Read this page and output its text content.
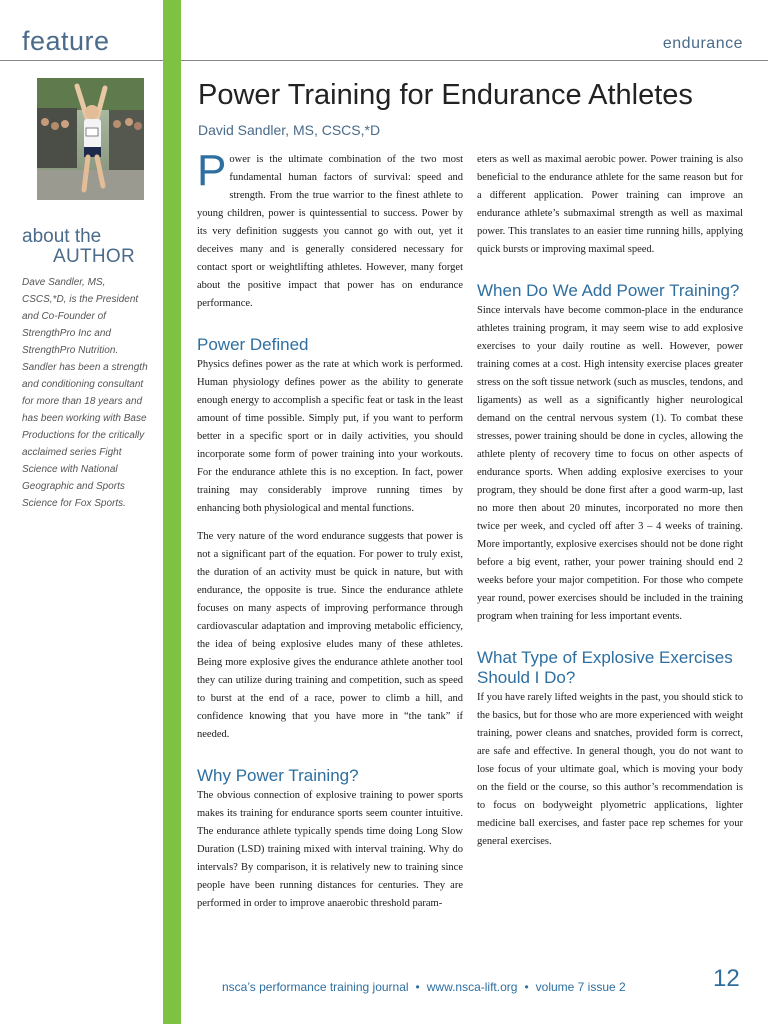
feature	endurance
about the
AUTHOR

Dave Sandler, MS, CSCS,*D, is the President and Co-Founder of StrengthPro Inc and StrengthPro Nutrition. Sandler has been a strength and conditioning consultant for more than 18 years and has been working with Base Productions for the critically acclaimed series Fight Science with National Geographic and Sports Science for Fox Sports.

Power Training for Endurance Athletes
David Sandler, MS, CSCS,*D

Power is the ultimate combination of the two most fundamental human factors of survival: speed and strength. From the true warrior to the finest athlete to young children, power is quintessential to success. Power by its very definition suggests you cannot go with out, yet it deceives many and is generally considered necessary for contact sport or weightlifting athletes. However, many forget about the positive impact that power has on endurance performance.

Power Defined

Physics defines power as the rate at which work is performed. Human physiology defines power as the ability to generate enough energy to accomplish a specific feat or task in the least amount of time possible. Simply put, if you want to perform better in a specific sport or in daily activities, you should incorporate some form of power training into your workouts. For the endurance athlete this is no exception. In fact, power training may considerably improve running times by enhancing both physiological and mental functions.

The very nature of the word endurance suggests that power is not a significant part of the equation. For power to truly exist, the duration of an activity must be quick in nature, but with endurance, the opposite is true. Since the endurance athlete focuses on many aspects of improving performance through cardiovascular adaptation and improving metabolic efficiency, the idea of being explosive eludes many of these athletes. Being more explosive gives the endurance athlete another tool they can utilize during training and competition, such as speed to burst at the end of a race, power to climb a hill, and confidence knowing that you have more in “the tank” if needed.

Why Power Training?

The obvious connection of explosive training to power sports makes its training for endurance sports seem counter intuitive. The endurance athlete typically spends time doing Long Slow Duration (LSD) training mixed with interval training. Why do intervals? By comparison, it is relatively new to training since people have been running distances for centuries. They are performed in order to improve anaerobic threshold param-

eters as well as maximal aerobic power. Power training is also beneficial to the endurance athlete for the same reason but for a different application. Power training can improve an endurance athlete’s submaximal strength as well as maximal power. This translates to an easier time running hills, applying quick bursts or improving maximal speed.

When Do We Add Power Training?

Since intervals have become common-place in the endurance athletes training program, it may seem wise to add explosive exercises to your daily routine as well. However, power training comes at a cost. High intensity exercise places greater stress on the soft tissue network (such as muscles, tendons, and ligaments) as well as a significantly higher neurological demand on the central nervous system (1). To combat these stresses, power training should be done in cycles, allowing the athlete plenty of recovery time to focus on other aspects of endurance sports. When adding explosive exercises to your program, they should be done first after a good warm-up, last no more then about 20 minutes, incorporated no more then twice per week, and cycled off after 3 – 4 weeks of training. More importantly, explosive exercises should not be done right before a big event, rather, your power training should end 2 weeks before your major competition. For those who compete year round, power exercises should be included in the training program when training for less important events.

What Type of Explosive Exercises Should I Do?

If you have rarely lifted weights in the past, you should stick to the basics, but for those who are more experienced with weight training, power cleans and snatches, provided form is correct, are safe and effective. In general though, you do not want to lose focus of your ultimate goal, which is moving your body on the field or the course, so this author’s recommendation is to focus on bodyweight plyometric applications, lighter medicine ball exercises, and faster pace rep schemes for your general exercises.

nsca’s performance training journal • www.nsca-lift.org • volume 7 issue 2	12
